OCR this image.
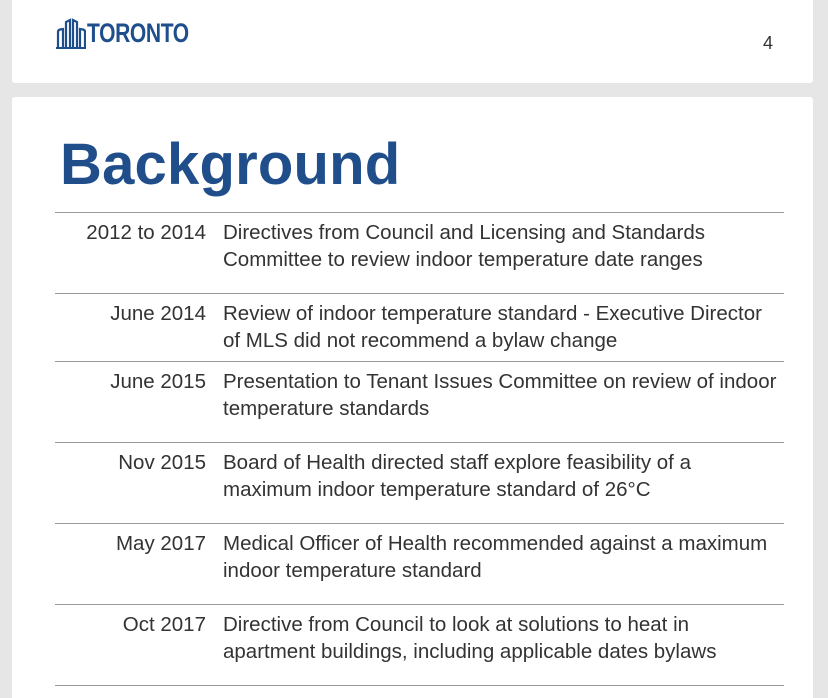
TORONTO	4
Background
2012 to 2014 Directives from Council and Licensing and Standards Committee to review indoor temperature date ranges
June 2014 Review of indoor temperature standard - Executive Director of MLS did not recommend a bylaw change
June 2015 Presentation to Tenant Issues Committee on review of indoor temperature standards
Nov 2015 Board of Health directed staff explore feasibility of a maximum indoor temperature standard of 26°C
May 2017 Medical Officer of Health recommended against a maximum indoor temperature standard
Oct 2017 Directive from Council to look at solutions to heat in apartment buildings, including applicable dates bylaws
